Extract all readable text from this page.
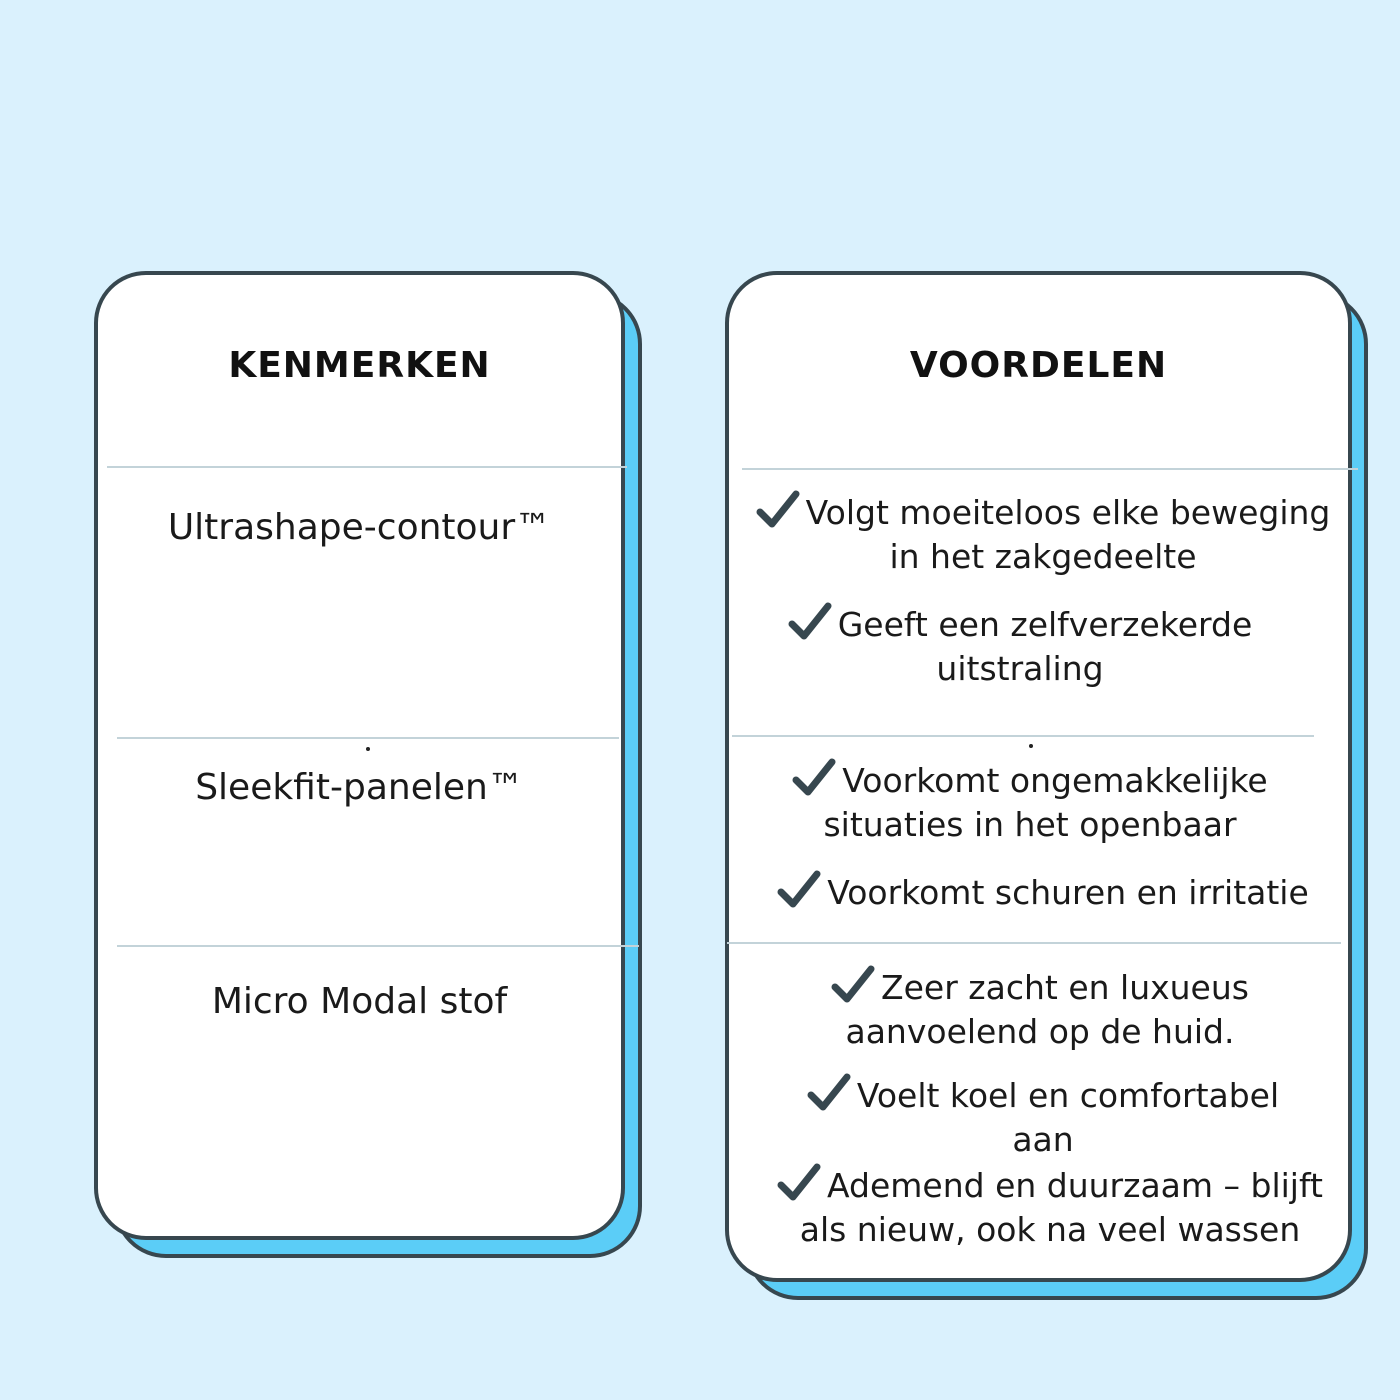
KENMERKEN
Ultrashape-contour™
Sleekfit-panelen™
Micro Modal stof
VOORDELEN
Volgt moeiteloos elke beweging
in het zakgedeelte
Geeft een zelfverzekerde
uitstraling
Voorkomt ongemakkelijke
situaties in het openbaar
Voorkomt schuren en irritatie
Zeer zacht en luxueus
aanvoelend op de huid.
Voelt koel en comfortabel
aan
Ademend en duurzaam – blijft
als nieuw, ook na veel wassen
